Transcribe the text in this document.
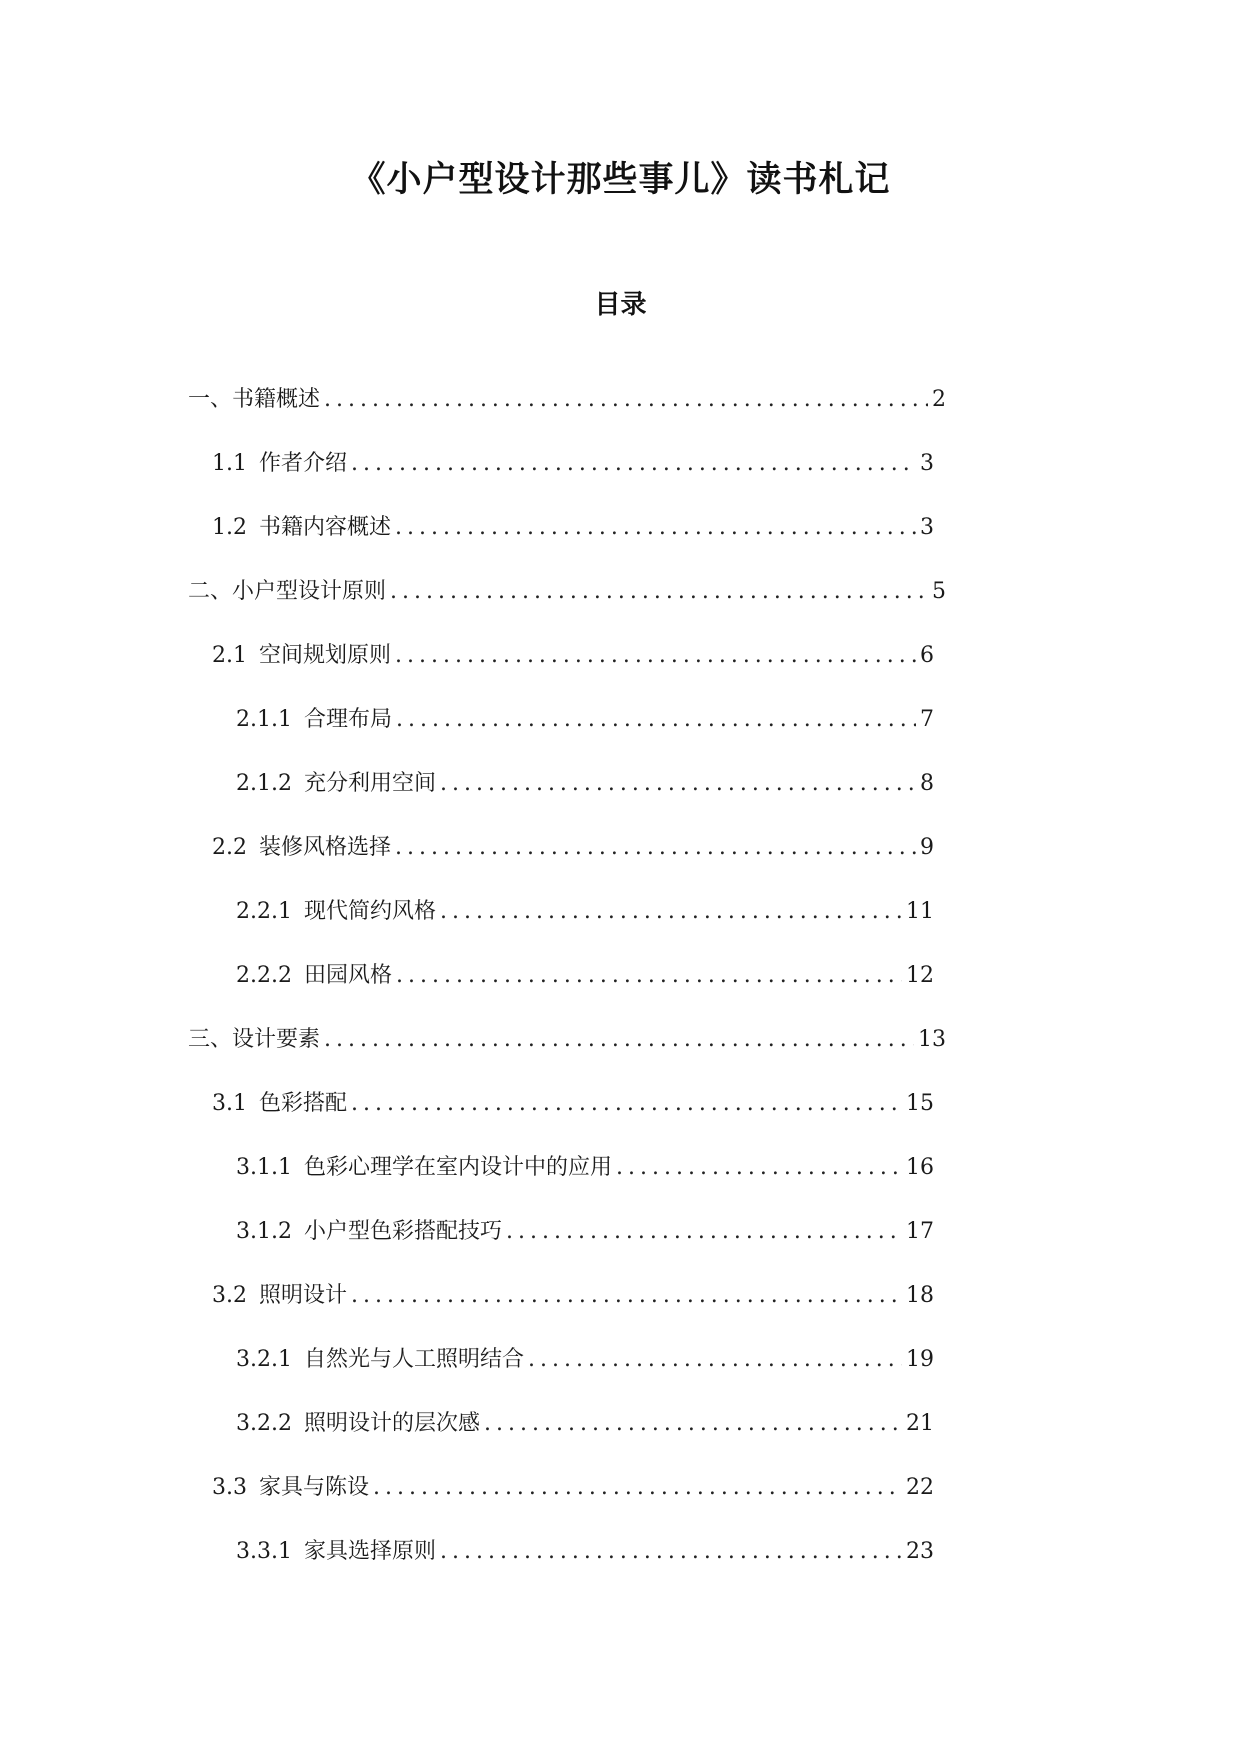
《小户型设计那些事儿》读书札记
目录
一、书籍概述 .....	2
1.1 作者介绍 .....	3
1.2 书籍内容概述 .....	3
二、小户型设计原则 .....	5
2.1 空间规划原则 .....	6
2.1.1 合理布局 .....	7
2.1.2 充分利用空间 .....	8
2.2 装修风格选择 .....	9
2.2.1 现代简约风格 .....	11
2.2.2 田园风格 .....	12
三、设计要素 .....	13
3.1 色彩搭配 .....	15
3.1.1 色彩心理学在室内设计中的应用 .....	16
3.1.2 小户型色彩搭配技巧 .....	17
3.2 照明设计 .....	18
3.2.1 自然光与人工照明结合 .....	19
3.2.2 照明设计的层次感 .....	21
3.3 家具与陈设 .....	22
3.3.1 家具选择原则 .....	23
